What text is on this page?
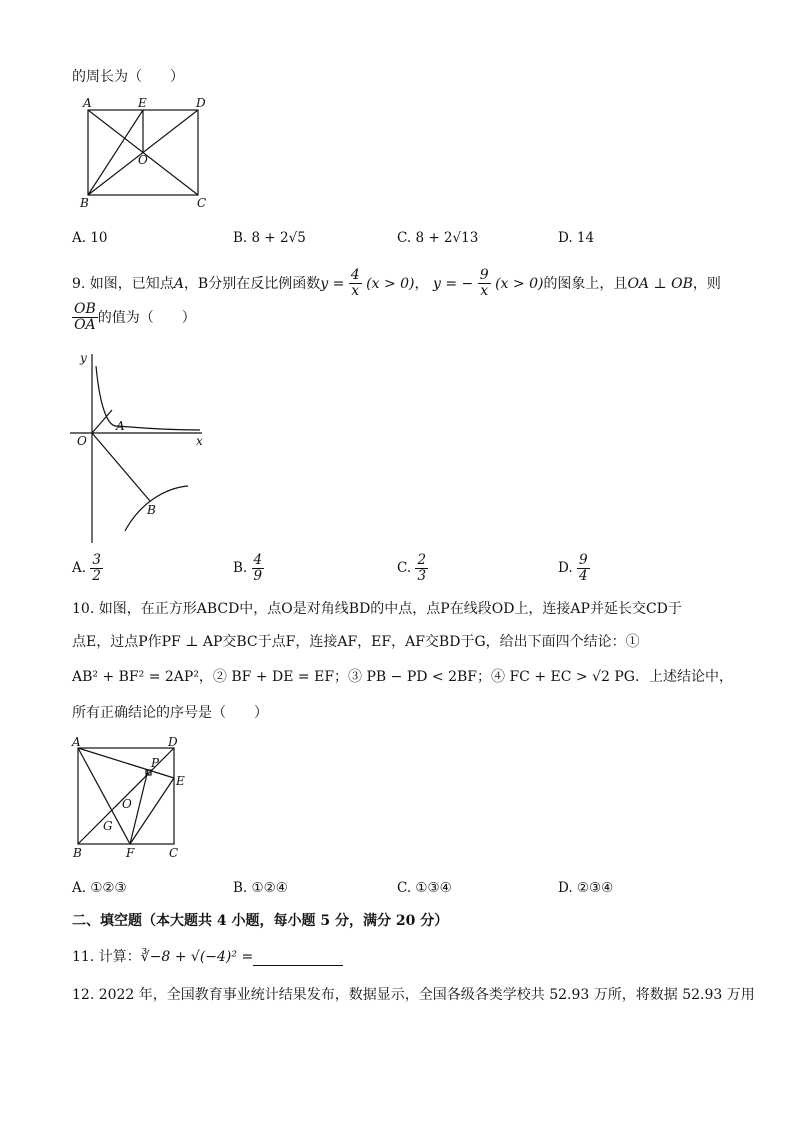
的周长为（　　）
A	E	D
O
B	C
A. 10	B. 8 + 2√5	C. 8 + 2√13	D. 14
9. 如图，已知点A，B分别在反比例函数$y = \frac{4}{x} (x > 0)$， y = − $\frac{9}{x} (x > 0)$的图象上，且OA ⊥ OB，则
$\frac{OB}{OA}$ 的值为（　　）
y
x
O
A
B
A. $\frac{3}{2}$	B. $\frac{4}{9}$	C. $\frac{2}{3}$	D. $\frac{9}{4}$
10. 如图，在正方形ABCD中，点O是对角线BD的中点，点P在线段OD上，连接AP并延长交CD于
点E，过点P作PF ⊥ AP交BC于点F，连接AF，EF，AF交BD于G，给出下面四个结论：①
AB² + BF² = 2AP²，② BF + DE = EF；③ PB − PD < 2BF；④ FC + EC > √2 PG．上述结论中，
所有正确结论的序号是（　　）
A	D
P
E
O
G
B	F	C
A. ①②③	B. ①②④	C. ①③④	D. ②③④
二、填空题（本大题共 4 小题，每小题 5 分，满分 20 分）
11. 计算：∛−8 + √(−4)² =
12. 2022 年，全国教育事业统计结果发布，数据显示，全国各级各类学校共 52.93 万所，将数据 52.93 万用
